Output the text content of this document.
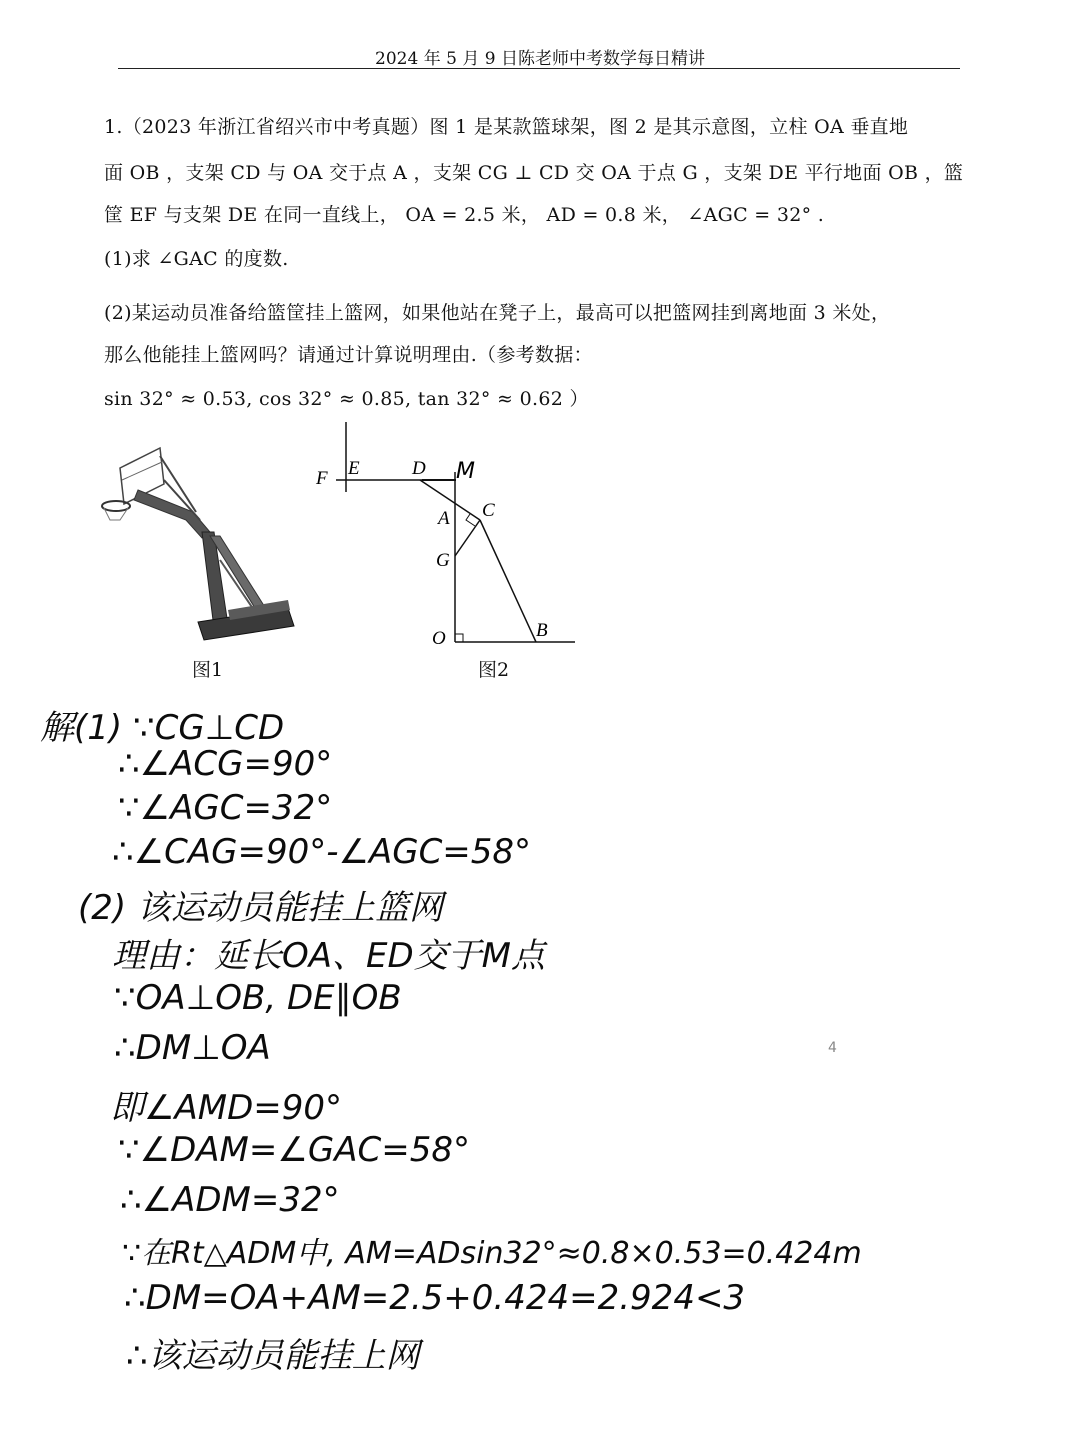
2024 年 5 月 9 日陈老师中考数学每日精讲
1.（2023 年浙江省绍兴市中考真题）图 1 是某款篮球架，图 2 是其示意图，立柱 OA 垂直地
面 OB ，支架 CD 与 OA 交于点 A ，支架 CG ⊥ CD 交 OA 于点 G ，支架 DE 平行地面 OB ，篮
筐 EF 与支架 DE 在同一直线上， OA = 2.5 米， AD = 0.8 米， ∠AGC = 32° .
(1)求 ∠GAC 的度数.
(2)某运动员准备给篮筐挂上篮网，如果他站在凳子上，最高可以把篮网挂到离地面 3 米处，
那么他能挂上篮网吗？请通过计算说明理由.（参考数据：
sin 32° ≈ 0.53, cos 32° ≈ 0.85, tan 32° ≈ 0.62 ）
图1
F E	D M
A C
G
O	B
图2
解(1) ∵CG⊥CD
∴∠ACG=90°
∵∠AGC=32°
∴∠CAG=90°-∠AGC=58°
(2) 该运动员能挂上篮网
理由：延长OA、ED交于M点
∵OA⊥OB, DE∥OB
∴DM⊥OA
即∠AMD=90°
∵∠DAM=∠GAC=58°
∴∠ADM=32°
∵在Rt△ADM中, AM=ADsin32°≈0.8×0.53=0.424m
∴DM=OA+AM=2.5+0.424=2.924<3
∴该运动员能挂上网
4
